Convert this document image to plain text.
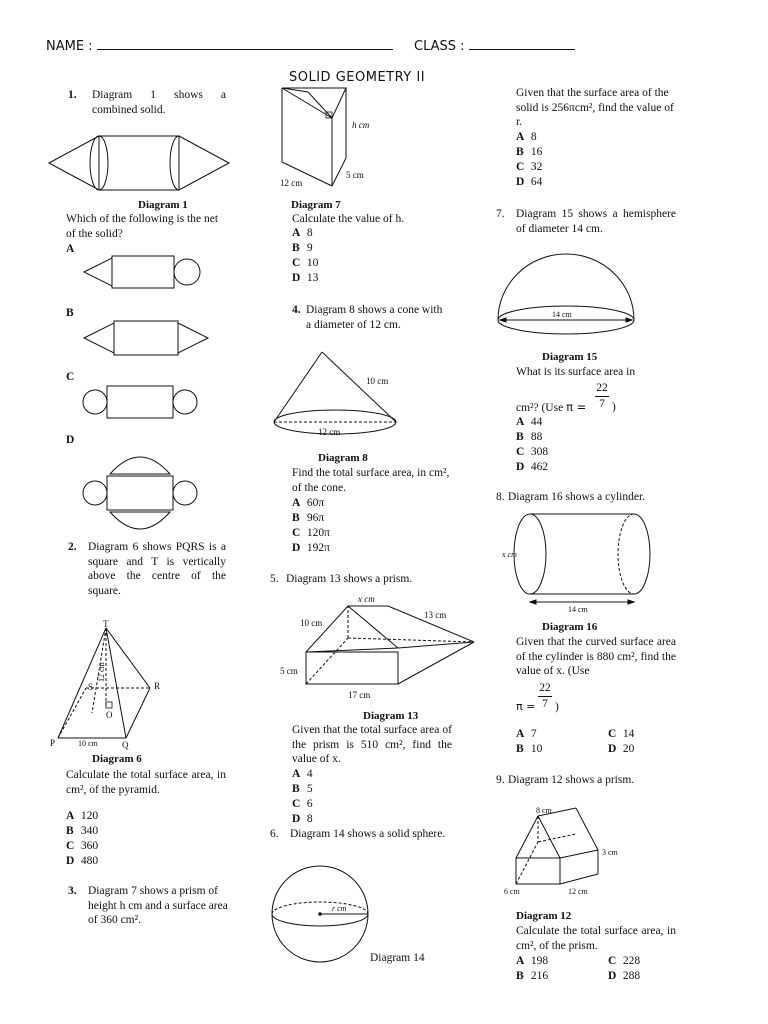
NAME :	CLASS :
SOLID GEOMETRY II
1. Diagram 1 shows a combined solid.
Diagram 1
Which of the following is the net of the solid?
A
B
C
D
2. Diagram 6 shows PQRS is a square and T is vertically above the centre of the square.
T
S	R
O
P	Q
10 cm
12 cm
Diagram 6
Calculate the total surface area, in cm², of the pyramid.
A 120
B 340
C 360
D 480
3. Diagram 7 shows a prism of height h cm and a surface area of 360 cm².
h cm
12 cm
5 cm
Diagram 7
Calculate the value of h.
A 8
B 9
C 10
D 13
4. Diagram 8 shows a cone with a diameter of 12 cm.
10 cm
12 cm
Diagram 8
Find the total surface area, in cm², of the cone.
A 60π
B 96π
C 120π
D 192π
5. Diagram 13 shows a prism.
x cm
10 cm
13 cm
5 cm
17 cm
Diagram 13
Given that the total surface area of the prism is 510 cm², find the value of x.
A 4
B 5
C 6
D 8
6. Diagram 14 shows a solid sphere.
r cm
Diagram 14
Given that the surface area of the solid is 256πcm², find the value of r.
A 8
B 16
C 32
D 64
7. Diagram 15 shows a hemisphere of diameter 14 cm.
14 cm
Diagram 15
What is its surface area in
cm²? (Use π =
22
7 )
A 44
B 88
C 308
D 462
8. Diagram 16 shows a cylinder.
x cm
14 cm
Diagram 16
Given that the curved surface area of the cylinder is 880 cm², find the value of x. (Use
π =
22
7 )
A 7	C 14
B 10	D 20
9. Diagram 12 shows a prism.
8 cm
3 cm
6 cm	12 cm
Diagram 12
Calculate the total surface area, in cm², of the prism.
A 198	C 228
B 216	D 288
